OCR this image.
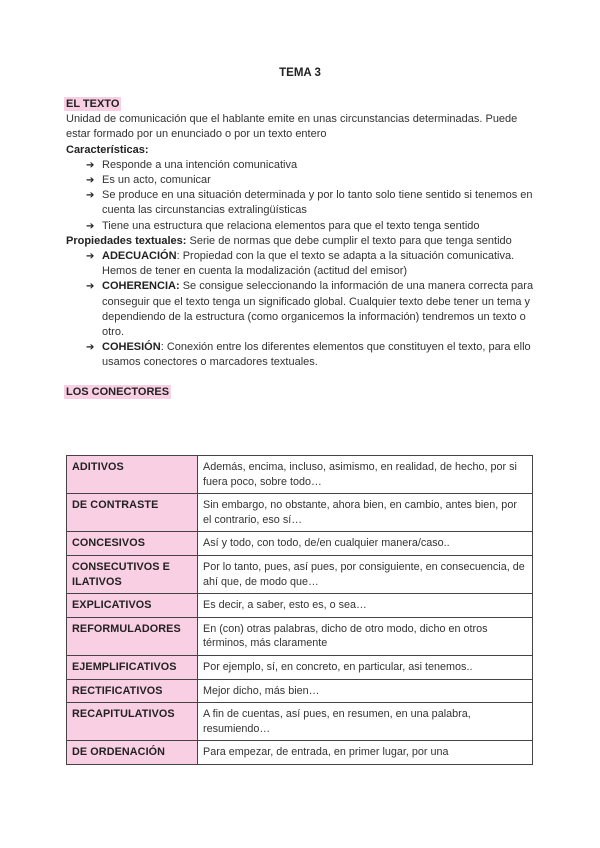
TEMA 3
EL TEXTO

Unidad de comunicación que el hablante emite en unas circunstancias determinadas. Puede estar formado por un enunciado o por un texto entero

Características:

➔ Responde a una intención comunicativa
➔ Es un acto, comunicar
➔ Se produce en una situación determinada y por lo tanto solo tiene sentido si tenemos en cuenta las circunstancias extralingüísticas
➔ Tiene una estructura que relaciona elementos para que el texto tenga sentido

Propiedades textuales: Serie de normas que debe cumplir el texto para que tenga sentido

➔ ADECUACIÓN: Propiedad con la que el texto se adapta a la situación comunicativa. Hemos de tener en cuenta la modalización (actitud del emisor)
➔ COHERENCIA: Se consigue seleccionando la información de una manera correcta para conseguir que el texto tenga un significado global. Cualquier texto debe tener un tema y dependiendo de la estructura (como organicemos la información) tendremos un texto o otro.
➔ COHESIÓN: Conexión entre los diferentes elementos que constituyen el texto, para ello usamos conectores o marcadores textuales.
LOS CONECTORES
ADITIVOS	Además, encima, incluso, asimismo, en realidad, de hecho, por si fuera poco, sobre todo…
DE CONTRASTE	Sin embargo, no obstante, ahora bien, en cambio, antes bien, por el contrario, eso sí…
CONCESIVOS	Así y todo, con todo, de/en cualquier manera/caso..
CONSECUTIVOS E ILATIVOS	Por lo tanto, pues, así pues, por consiguiente, en consecuencia, de ahí que, de modo que…
EXPLICATIVOS	Es decir, a saber, esto es, o sea…
REFORMULADORES	En (con) otras palabras, dicho de otro modo, dicho en otros términos, más claramente
EJEMPLIFICATIVOS	Por ejemplo, sí, en concreto, en particular, asi tenemos..
RECTIFICATIVOS	Mejor dicho, más bien…
RECAPITULATIVOS	A fin de cuentas, así pues, en resumen, en una palabra, resumiendo…
DE ORDENACIÓN	Para empezar, de entrada, en primer lugar, por una
